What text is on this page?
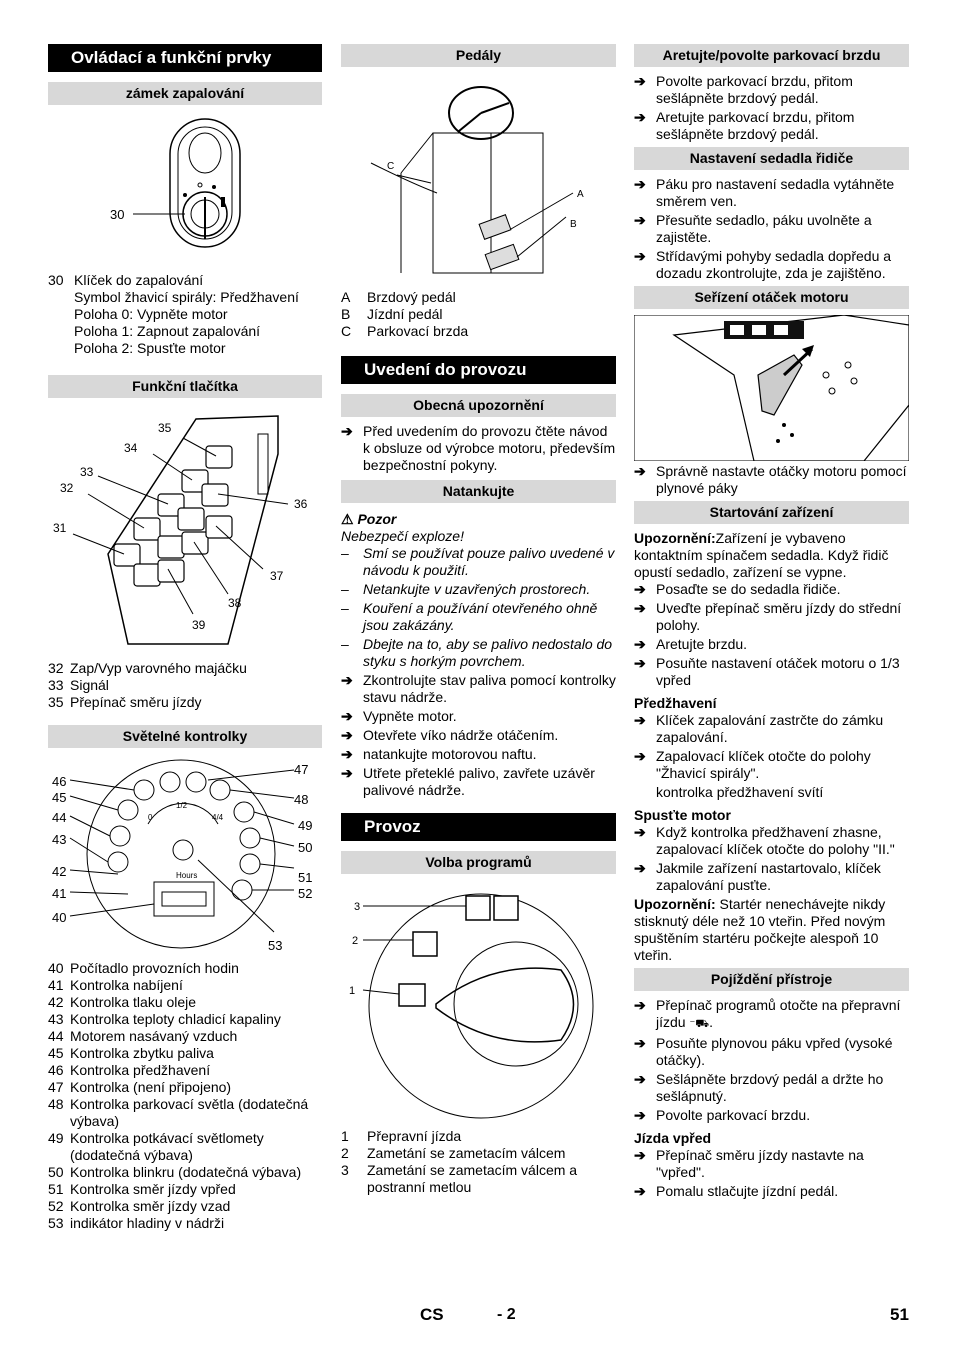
Ovládací a funkční prvky
zámek zapalování
30
30 Klíček do zapalování
Symbol žhavicí spirály: Předžhavení
Poloha 0: Vypněte motor
Poloha 1: Zapnout zapalování
Poloha 2: Spusťte motor
Funkční tlačítka
35
34
33
32
31
36
37
38
39
32 Zap/Vyp varovného majáčku
33 Signál
35 Přepínač směru jízdy
Světelné kontrolky
1/2
0	4/4
Hours
46
45
44
43
42
41
40
47
48
49
50
51
52
53
40 Počítadlo provozních hodin
41 Kontrolka nabíjení
42 Kontrolka tlaku oleje
43 Kontrolka teploty chladicí kapaliny
44 Motorem nasávaný vzduch
45 Kontrolka zbytku paliva
46 Kontrolka předžhavení
47 Kontrolka (není připojeno)
48 Kontrolka parkovací světla (dodatečná výbava)
49 Kontrolka potkávací světlomety (dodatečná výbava)
50 Kontrolka blinkru (dodatečná výbava)
51 Kontrolka směr jízdy vpřed
52 Kontrolka směr jízdy vzad
53 indikátor hladiny v nádrži
Pedály
C
A
B
A	Brzdový pedál
B	Jízdní pedál
C	Parkovací brzda
Uvedení do provozu
Obecná upozornění
➔ Před uvedením do provozu čtěte návod k obsluze od výrobce motoru, především bezpečnostní pokyny.
Natankujte
⚠ Pozor
Nebezpečí exploze!
–	Smí se používat pouze palivo uvedené v návodu k použití.
–	Netankujte v uzavřených prostorech.
–	Kouření a používání otevřeného ohně jsou zakázány.
–	Dbejte na to, aby se palivo nedostalo do styku s horkým povrchem.
➔ Zkontrolujte stav paliva pomocí kontrolky stavu nádrže.
➔ Vypněte motor.
➔ Otevřete víko nádrže otáčením.
➔ natankujte motorovou naftu.
➔ Utřete přeteklé palivo, zavřete uzávěr palivové nádrže.
Provoz
Volba programů
3
2
1
1	Přepravní jízda
2	Zametání se zametacím válcem
3	Zametání se zametacím válcem a postranní metlou
Aretujte/povolte parkovací brzdu
➔ Povolte parkovací brzdu, přitom sešlápněte brzdový pedál.
➔ Aretujte parkovací brzdu, přitom sešlápněte brzdový pedál.
Nastavení sedadla řidiče
➔ Páku pro nastavení sedadla vytáhněte směrem ven.
➔ Přesuňte sedadlo, páku uvolněte a zajistěte.
➔ Střídavými pohyby sedadla dopředu a dozadu zkontrolujte, zda je zajištěno.
Seřízení otáček motoru
➔ Správně nastavte otáčky motoru pomocí plynové páky
Startování zařízení
Upozornění:Zařízení je vybaveno kontaktním spínačem sedadla. Když řidič opustí sedadlo, zařízení se vypne.
➔ Posaďte se do sedadla řidiče.
➔ Uveďte přepínač směru jízdy do střední polohy.
➔ Aretujte brzdu.
➔ Posuňte nastavení otáček motoru o 1/3 vpřed
Předžhavení
➔ Klíček zapalování zastrčte do zámku zapalování.
➔ Zapalovací klíček otočte do polohy "Žhavicí spirály".
kontrolka předžhavení svítí
Spusťte motor
➔ Když kontrolka předžhavení zhasne, zapalovací klíček otočte do polohy "II."
➔ Jakmile zařízení nastartovalo, klíček zapalování pusťte.
Upozornění: Startér nenechávejte nikdy stisknutý déle než 10 vteřin. Před novým spuštěním startéru počkejte alespoň 10 vteřin.
Pojíždění přístroje
➔ Přepínač programů otočte na přepravní jízdu ⁻⛟.
➔ Posuňte plynovou páku vpřed (vysoké otáčky).
➔ Sešlápněte brzdový pedál a držte ho sešlápnutý.
➔ Povolte parkovací brzdu.
Jízda vpřed
➔ Přepínač směru jízdy nastavte na "vpřed".
➔ Pomalu stlačujte jízdní pedál.
CS	- 2	51
